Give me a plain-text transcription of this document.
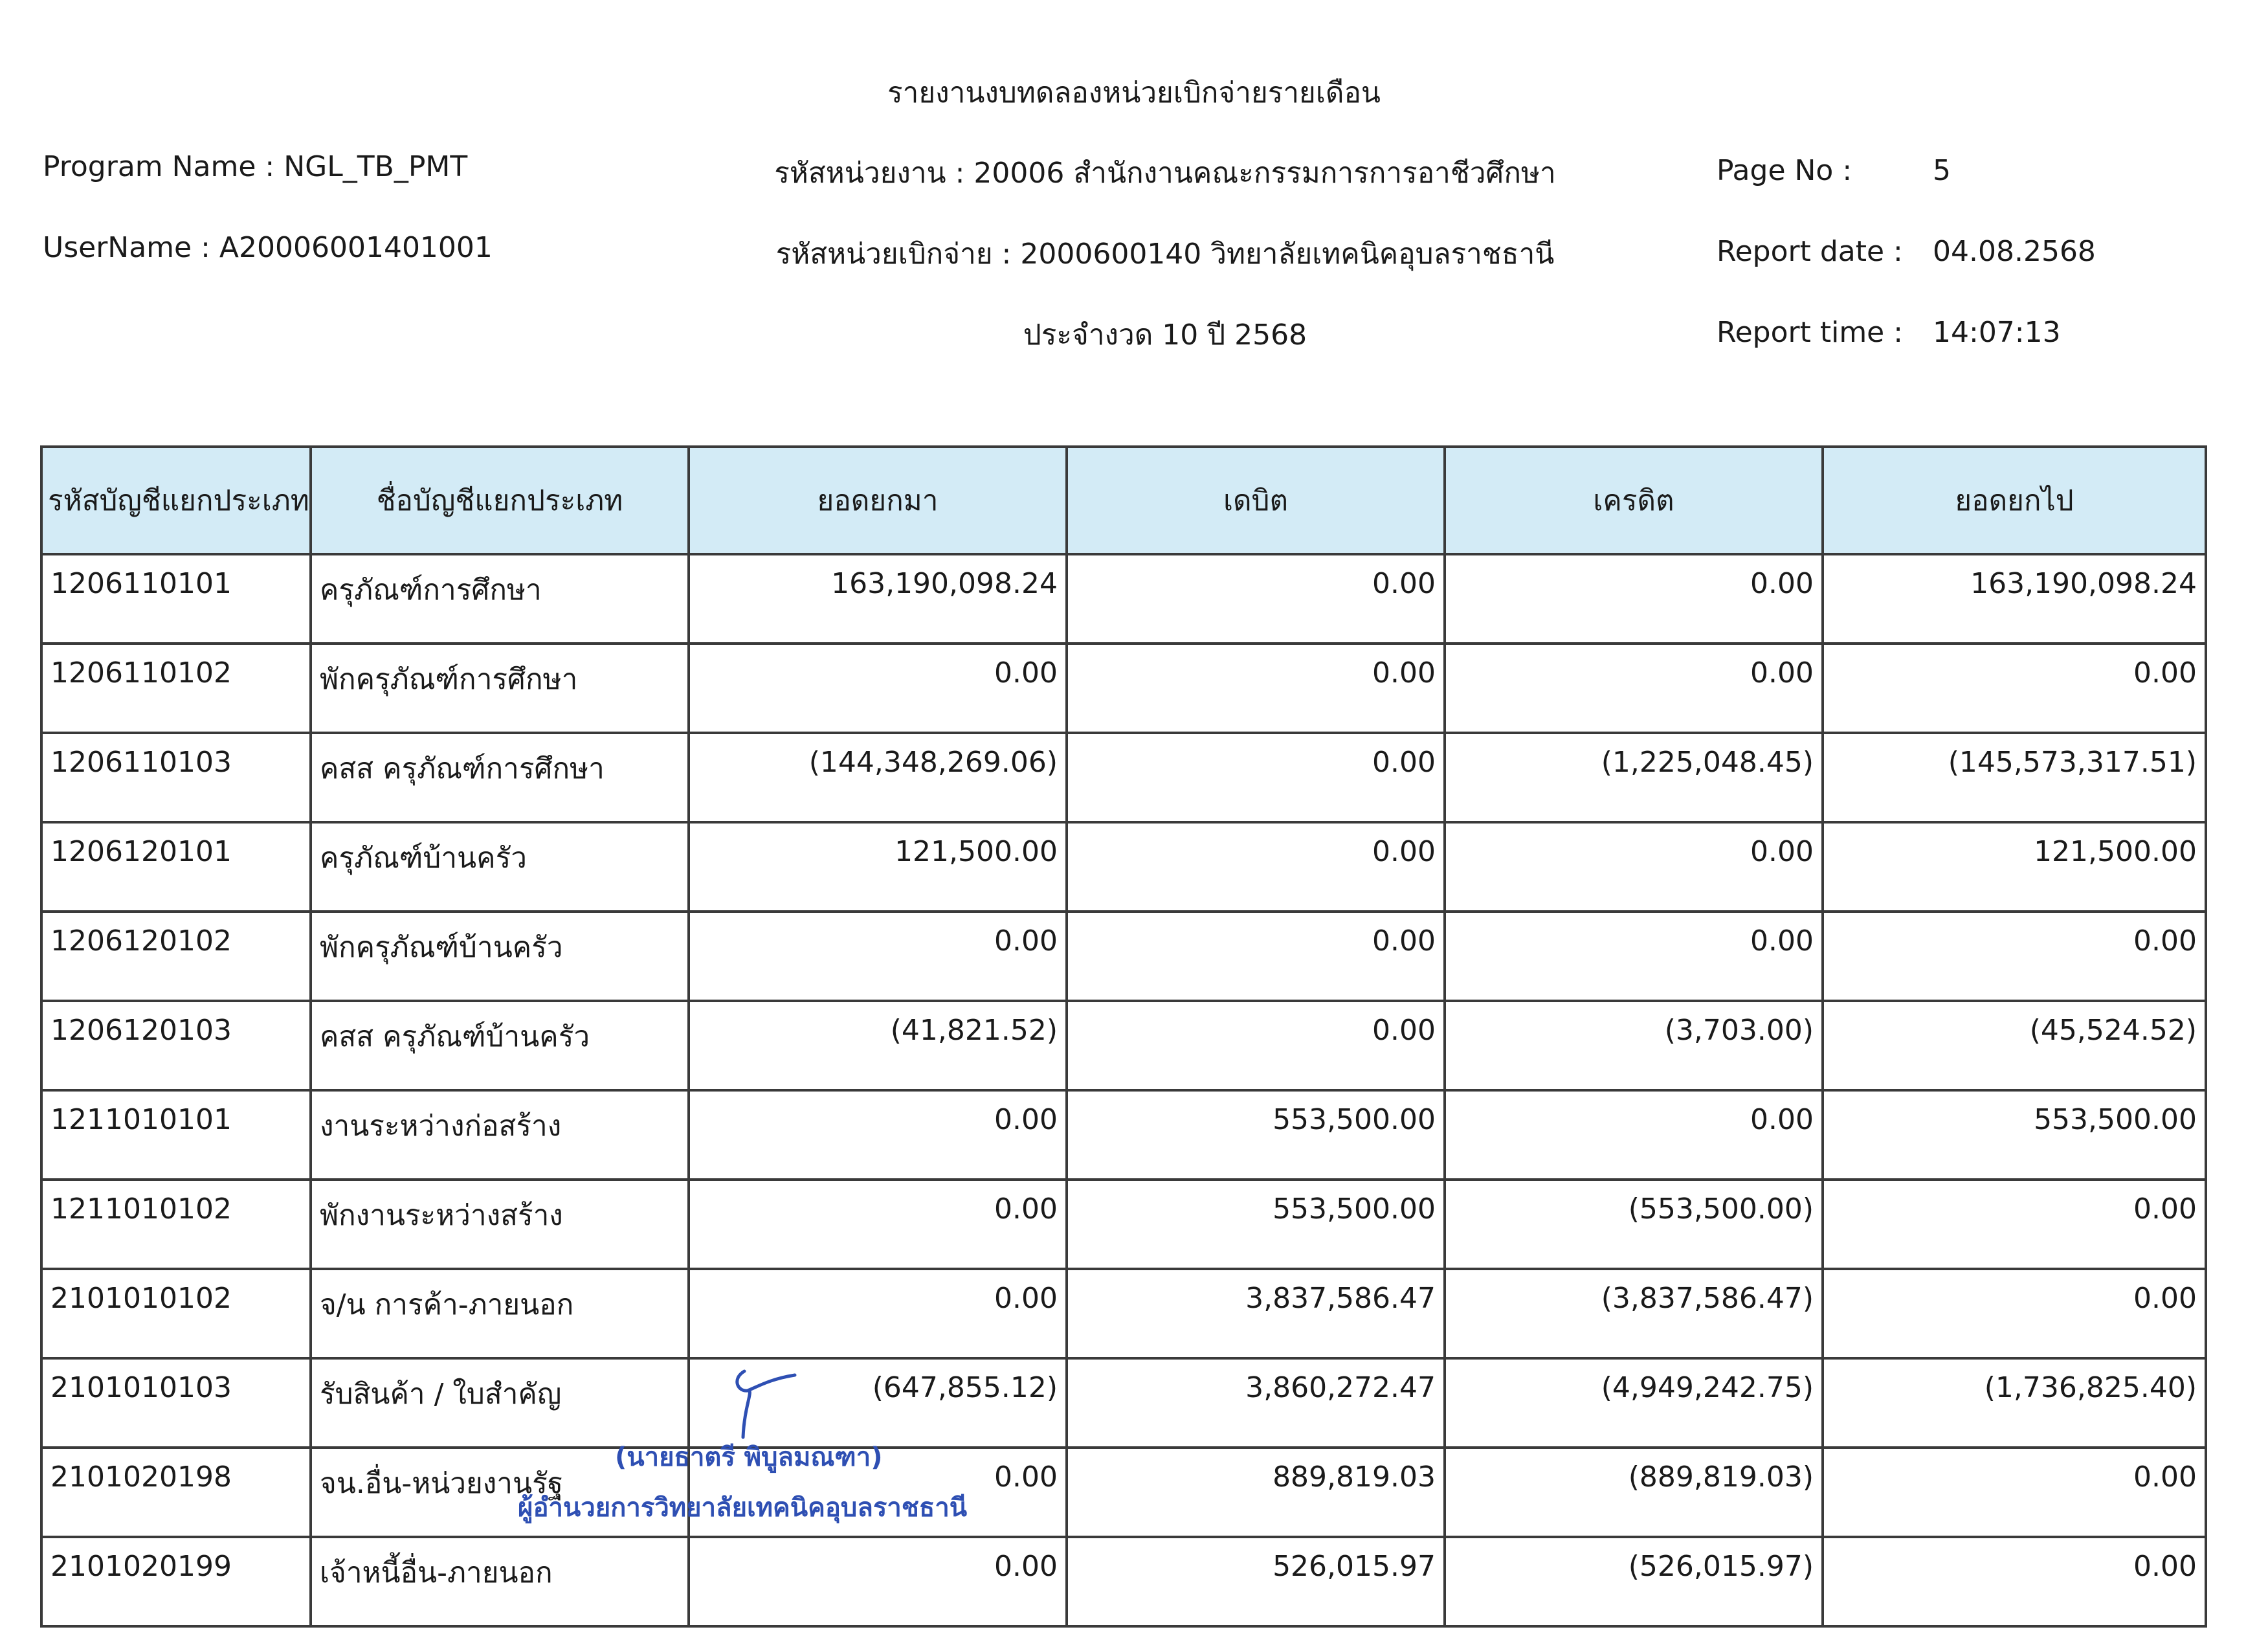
รายงานงบทดลองหน่วยเบิกจ่ายรายเดือน
Program Name : NGL_TB_PMT
UserName : A20006001401001
รหัสหน่วยงาน : 20006 สำนักงานคณะกรรมการการอาชีวศึกษา
รหัสหน่วยเบิกจ่าย : 2000600140 วิทยาลัยเทคนิคอุบลราชธานี
ประจำงวด 10 ปี 2568
Page No :	5
Report date : 04.08.2568
Report time : 14:07:13
รหัสบัญชีแยกประเภท	ชื่อบัญชีแยกประเภท	ยอดยกมา	เดบิต	เครดิต	ยอดยกไป
1206110101	ครุภัณฑ์การศึกษา	163,190,098.24	0.00	0.00	163,190,098.24
1206110102	พักครุภัณฑ์การศึกษา	0.00	0.00	0.00	0.00
1206110103	คสส ครุภัณฑ์การศึกษา	(144,348,269.06)	0.00	(1,225,048.45)	(145,573,317.51)
1206120101	ครุภัณฑ์บ้านครัว	121,500.00	0.00	0.00	121,500.00
1206120102	พักครุภัณฑ์บ้านครัว	0.00	0.00	0.00	0.00
1206120103	คสส ครุภัณฑ์บ้านครัว	(41,821.52)	0.00	(3,703.00)	(45,524.52)
1211010101	งานระหว่างก่อสร้าง	0.00	553,500.00	0.00	553,500.00
1211010102	พักงานระหว่างสร้าง	0.00	553,500.00	(553,500.00)	0.00
2101010102	จ/น การค้า-ภายนอก	0.00	3,837,586.47	(3,837,586.47)	0.00
2101010103	รับสินค้า / ใบสำคัญ	(647,855.12)	3,860,272.47	(4,949,242.75)	(1,736,825.40)
2101020198	จน.อื่น-หน่วยงานรัฐ	0.00	889,819.03	(889,819.03)	0.00
2101020199	เจ้าหนี้อื่น-ภายนอก	0.00	526,015.97	(526,015.97)	0.00
(นายธาตรี พิบูลมณฑา)
ผู้อำนวยการวิทยาลัยเทคนิคอุบลราชธานี
